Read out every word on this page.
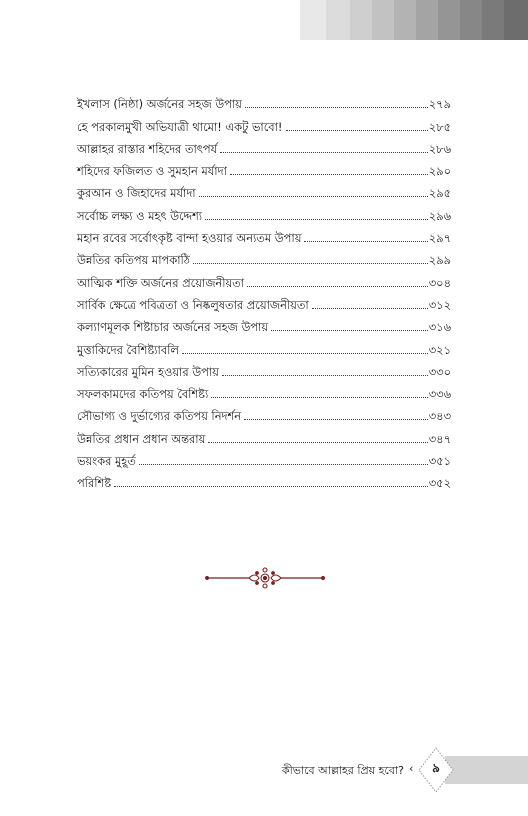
ইখলাস (নিষ্ঠা) অর্জনের সহজ উপায়	২৭৯
হে পরকালমুখী অভিযাত্রী থামো! একটু ভাবো!	২৮৫
আল্লাহর রাস্তার শহিদের তাৎপর্য	২৮৬
শহিদের ফজিলত ও সুমহান মর্যাদা	২৯০
কুরআন ও জিহাদের মর্যাদা	২৯৫
সর্বোচ্চ লক্ষ্য ও মহৎ উদ্দেশ্য	২৯৬
মহান রবের সর্বোৎকৃষ্ট বান্দা হওয়ার অন্যতম উপায়	২৯৭
উন্নতির কতিপয় মাপকাঠি	২৯৯
আত্মিক শক্তি অর্জনের প্রয়োজনীয়তা	৩০৪
সার্বিক ক্ষেত্রে পবিত্রতা ও নিষ্কলুষতার প্রয়োজনীয়তা	৩১২
কল্যাণমূলক শিষ্টাচার অর্জনের সহজ উপায়	৩১৬
মুত্তাকিদের বৈশিষ্ট্যাবলি	৩২১
সত্যিকারের মুমিন হওয়ার উপায়	৩৩০
সফলকামদের কতিপয় বৈশিষ্ট্য	৩৩৬
সৌভাগ্য ও দুর্ভাগ্যের কতিপয় নিদর্শন	৩৪৩
উন্নতির প্রধান প্রধান অন্তরায়	৩৪৭
ভয়ংকর মুহূর্ত	৩৫১
পরিশিষ্ট	৩৫২
কীভাবে আল্লাহর প্রিয় হবো? ‹	৯
